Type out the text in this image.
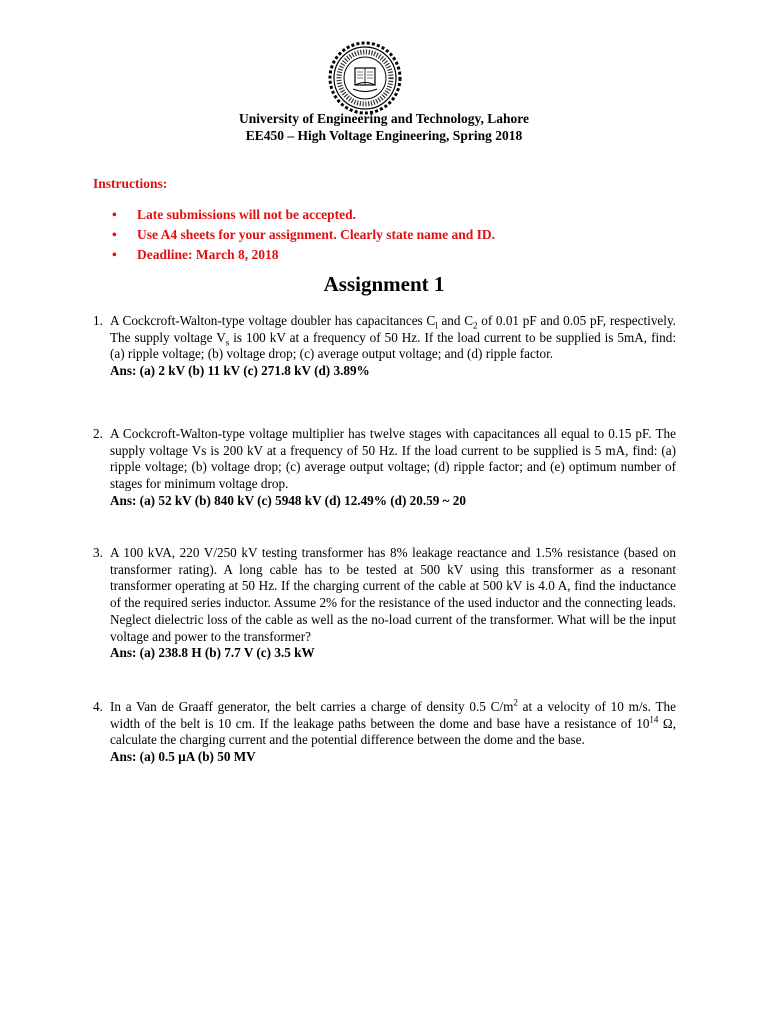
University of Engineering and Technology, Lahore
EE450 – High Voltage Engineering, Spring 2018
Instructions:
• Late submissions will not be accepted.
• Use A4 sheets for your assignment. Clearly state name and ID.
• Deadline: March 8, 2018
Assignment 1
1. A Cockcroft-Walton-type voltage doubler has capacitances $C_l$ and $C_2$ of 0.01 pF and 0.05 pF, respectively. The supply voltage $V_s$ is 100 kV at a frequency of 50 Hz. If the load current to be supplied is 5mA, find: (a) ripple voltage; (b) voltage drop; (c) average output voltage; and (d) ripple factor.
Ans: (a) 2 kV (b) 11 kV (c) 271.8 kV (d) 3.89%
2. A Cockcroft-Walton-type voltage multiplier has twelve stages with capacitances all equal to 0.15 pF. The supply voltage Vs is 200 kV at a frequency of 50 Hz. If the load current to be supplied is 5 mA, find: (a) ripple voltage; (b) voltage drop; (c) average output voltage; (d) ripple factor; and (e) optimum number of stages for minimum voltage drop.
Ans: (a) 52 kV (b) 840 kV (c) 5948 kV (d) 12.49% (d) 20.59 ~ 20
3. A 100 kVA, 220 V/250 kV testing transformer has 8% leakage reactance and 1.5% resistance (based on transformer rating). A long cable has to be tested at 500 kV using this transformer as a resonant transformer operating at 50 Hz. If the charging current of the cable at 500 kV is 4.0 A, find the inductance of the required series inductor. Assume 2% for the resistance of the used inductor and the connecting leads. Neglect dielectric loss of the cable as well as the no-load current of the transformer. What will be the input voltage and power to the transformer?
Ans: (a) 238.8 H (b) 7.7 V (c) 3.5 kW
4. In a Van de Graaff generator, the belt carries a charge of density 0.5 $C/m^2$ at a velocity of 10 m/s. The width of the belt is 10 cm. If the leakage paths between the dome and base have a resistance of $10^{14}$ Ω, calculate the charging current and the potential difference between the dome and the base.
Ans: (a) 0.5 µA (b) 50 MV
